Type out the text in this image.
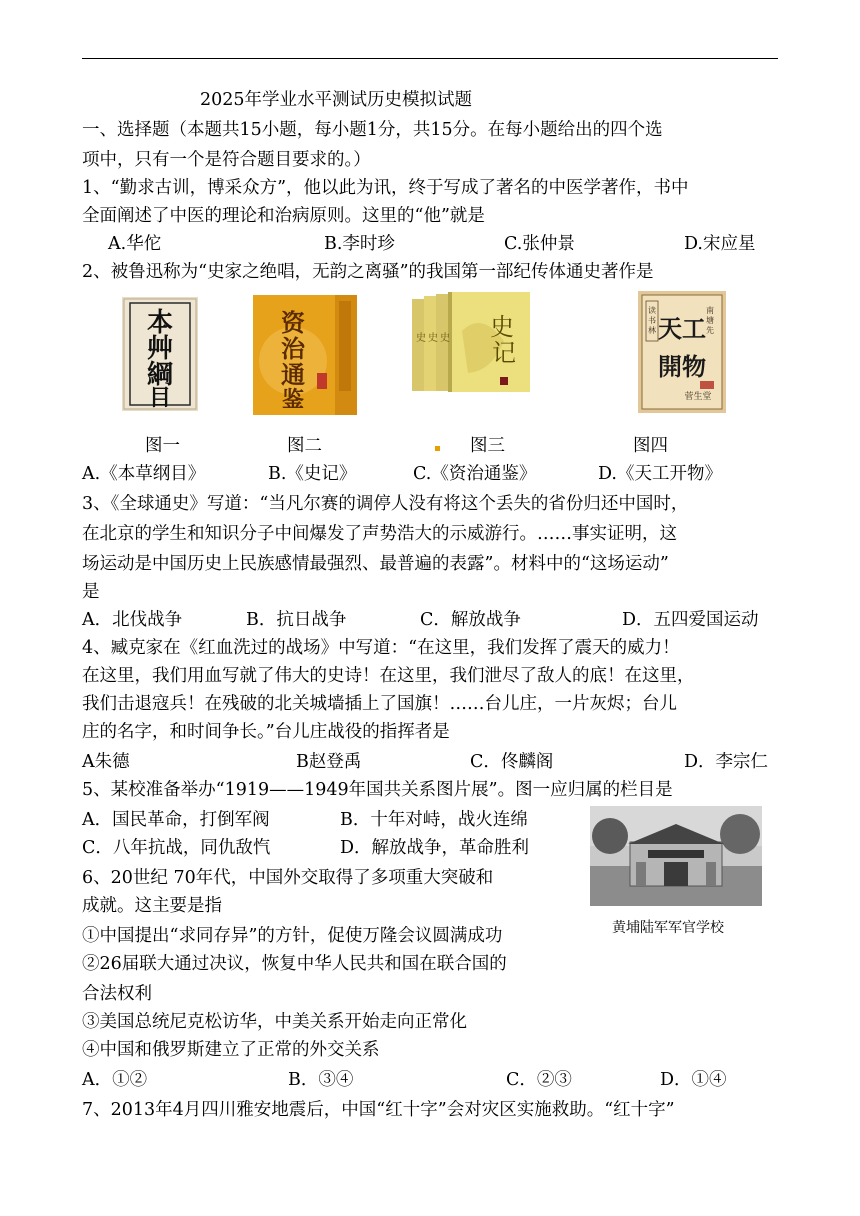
2025年学业水平测试历史模拟试题
一、选择题（本题共15小题，每小题1分，共15分。在每小题给出的四个选
项中，只有一个是符合题目要求的。）
1、“勤求古训，博采众方”，他以此为讯，终于写成了著名的中医学著作，书中
全面阐述了中医的理论和治病原则。这里的“他”就是
A.华佗	B.李时珍	C.张仲景	D.宋应星
2、被鲁迅称为“史家之绝唱，无韵之离骚”的我国第一部纪传体通史著作是
本
艸
綱
目
资
治
通
鉴
史 史 史 史
记
读
书
林
南
塘
先
天工
開物
菅生堂
图一	图二	图三	图四
A.《本草纲目》	B.《史记》	C.《资治通鉴》	D.《天工开物》
3、《全球通史》写道：“当凡尔赛的调停人没有将这个丢失的省份归还中国时，
在北京的学生和知识分子中间爆发了声势浩大的示威游行。……事实证明，这
场运动是中国历史上民族感情最强烈、最普遍的表露”。材料中的“这场运动”
是
A．北伐战争	B．抗日战争	C．解放战争	D．五四爱国运动
4、臧克家在《红血洗过的战场》中写道：“在这里，我们发挥了震天的威力！
在这里，我们用血写就了伟大的史诗！在这里，我们泄尽了敌人的底！在这里，
我们击退寇兵！在残破的北关城墙插上了国旗！……台儿庄，一片灰烬；台儿
庄的名字，和时间争长。”台儿庄战役的指挥者是
A朱德	B赵登禹	C．佟麟阁	D．李宗仁
5、某校准备举办“1919——1949年国共关系图片展”。图一应归属的栏目是
A．国民革命，打倒军阀	B．十年对峙，战火连绵
C．八年抗战，同仇敌忾	D．解放战争，革命胜利
黄埔陆军军官学校
6、20世纪 70年代，中国外交取得了多项重大突破和
成就。这主要是指
①中国提出“求同存异”的方针，促使万隆会议圆满成功
②26届联大通过决议，恢复中华人民共和国在联合国的
合法权利
③美国总统尼克松访华，中美关系开始走向正常化
④中国和俄罗斯建立了正常的外交关系
A．①②	B．③④	C．②③	D．①④
7、2013年4月四川雅安地震后，中国“红十字”会对灾区实施救助。“红十字”
